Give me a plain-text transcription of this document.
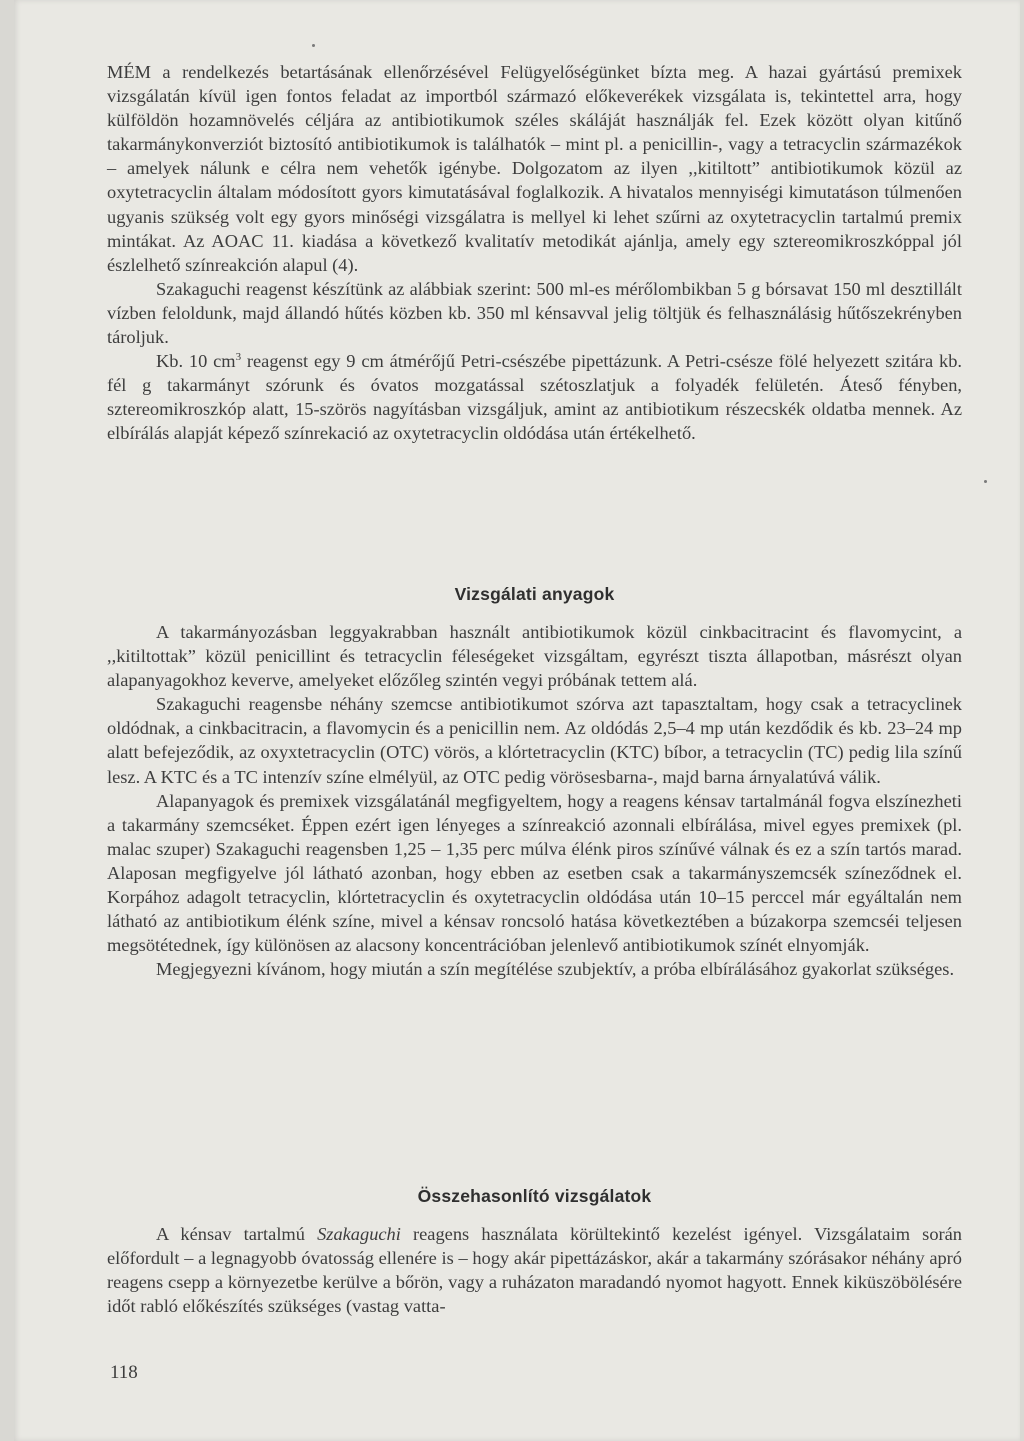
MÉM a rendelkezés betartásának ellenőrzésével Felügyelőségünket bízta meg. A hazai gyártású premixek vizsgálatán kívül igen fontos feladat az importból származó előkeverékek vizsgálata is, tekintettel arra, hogy külföldön hozamnövelés céljára az antibiotikumok széles skáláját használják fel. Ezek között olyan kitűnő takarmánykonverziót biztosító antibiotikumok is találhatók – mint pl. a penicillin-, vagy a tetracyclin származékok – amelyek nálunk e célra nem vehetők igénybe. Dolgozatom az ilyen ,,kitiltott” antibiotikumok közül az oxytetracyclin általam módosított gyors kimutatásával foglalkozik. A hivatalos mennyiségi kimutatáson túlmenően ugyanis szükség volt egy gyors minőségi vizsgálatra is mellyel ki lehet szűrni az oxytetracyclin tartalmú premix mintákat. Az AOAC 11. kiadása a következő kvalitatív metodikát ajánlja, amely egy sztereomikroszkóppal jól észlelhető színreakción alapul (4).

Szakaguchi reagenst készítünk az alábbiak szerint: 500 ml-es mérőlombikban 5 g bórsavat 150 ml desztillált vízben feloldunk, majd állandó hűtés közben kb. 350 ml kénsavval jelig töltjük és felhasználásig hűtőszekrényben tároljuk.

Kb. 10 $cm^3$ reagenst egy 9 cm átmérőjű Petri-csészébe pipettázunk. A Petri-csésze fölé helyezett szitára kb. fél g takarmányt szórunk és óvatos mozgatással szétoszlatjuk a folyadék felületén. Áteső fényben, sztereomikroszkóp alatt, 15-szörös nagyításban vizsgáljuk, amint az antibiotikum részecskék oldatba mennek. Az elbírálás alapját képező színrekació az oxytetracyclin oldódása után értékelhető.

Vizsgálati anyagok

A takarmányozásban leggyakrabban használt antibiotikumok közül cinkbacitracint és flavomycint, a ,,kitiltottak” közül penicillint és tetracyclin féleségeket vizsgáltam, egyrészt tiszta állapotban, másrészt olyan alapanyagokhoz keverve, amelyeket előzőleg szintén vegyi próbának tettem alá.

Szakaguchi reagensbe néhány szemcse antibiotikumot szórva azt tapasztaltam, hogy csak a tetracyclinek oldódnak, a cinkbacitracin, a flavomycin és a penicillin nem. Az oldódás 2,5–4 mp után kezdődik és kb. 23–24 mp alatt befejeződik, az oxyxtetracyclin (OTC) vörös, a klórtetracyclin (KTC) bíbor, a tetracyclin (TC) pedig lila színű lesz. A KTC és a TC intenzív színe elmélyül, az OTC pedig vörösesbarna-, majd barna árnyalatúvá válik.

Alapanyagok és premixek vizsgálatánál megfigyeltem, hogy a reagens kénsav tartalmánál fogva elszínezheti a takarmány szemcséket. Éppen ezért igen lényeges a színreakció azonnali elbírálása, mivel egyes premixek (pl. malac szuper) Szakaguchi reagensben 1,25 – 1,35 perc múlva élénk piros színűvé válnak és ez a szín tartós marad. Alaposan megfigyelve jól látható azonban, hogy ebben az esetben csak a takarmányszemcsék színeződnek el. Korpához adagolt tetracyclin, klórtetracyclin és oxytetracyclin oldódása után 10–15 perccel már egyáltalán nem látható az antibiotikum élénk színe, mivel a kénsav roncsoló hatása következtében a búzakorpa szemcséi teljesen megsötétednek, így különösen az alacsony koncentrációban jelenlevő antibiotikumok színét elnyomják.

Megjegyezni kívánom, hogy miután a szín megítélése szubjektív, a próba elbírálásához gyakorlat szükséges.

Összehasonlító vizsgálatok

A kénsav tartalmú Szakaguchi reagens használata körültekintő kezelést igényel. Vizsgálataim során előfordult – a legnagyobb óvatosság ellenére is – hogy akár pipettázáskor, akár a takarmány szórásakor néhány apró reagens csepp a környezetbe kerülve a bőrön, vagy a ruházaton maradandó nyomot hagyott. Ennek kiküszöbölésére időt rabló előkészítés szükséges (vastag vatta-

118
